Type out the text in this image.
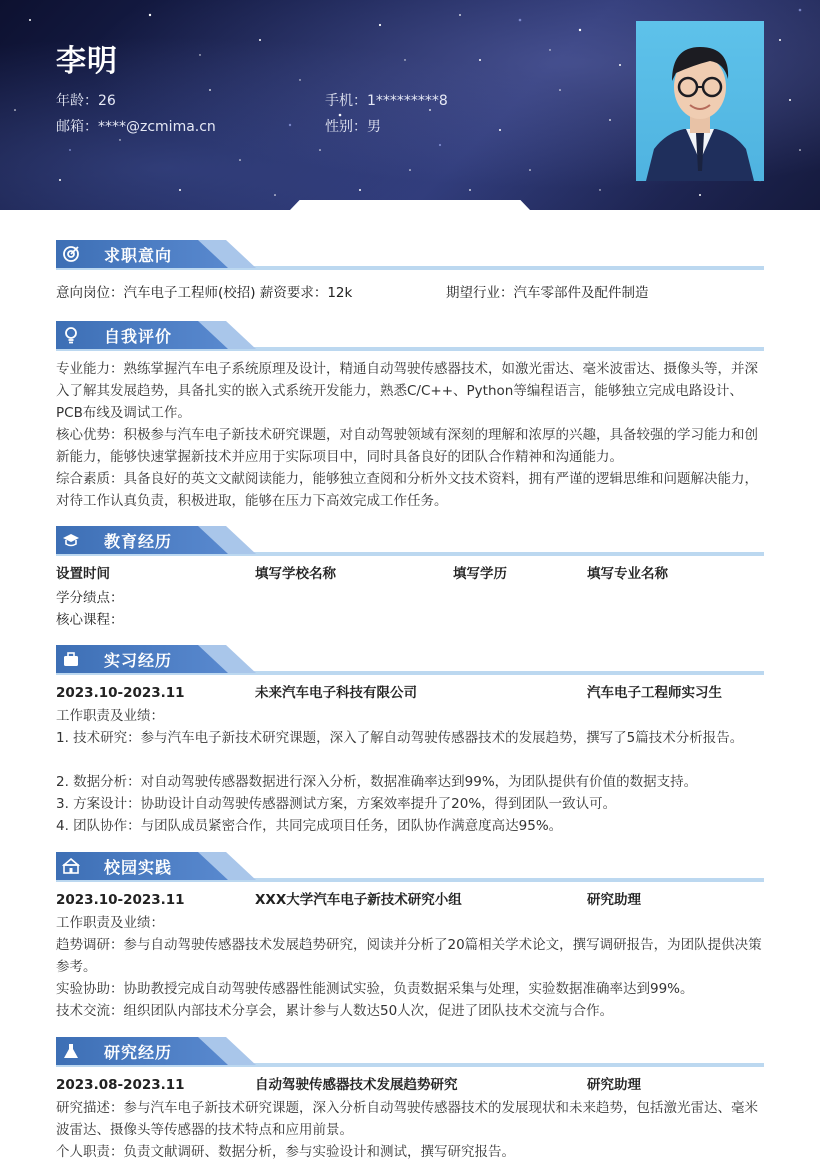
李明
年龄：26	手机：1*********8
邮箱：****@zcmima.cn	性别：男
求职意向
意向岗位：汽车电子工程师(校招) 薪资要求：12k	期望行业：汽车零部件及配件制造
自我评价
专业能力：熟练掌握汽车电子系统原理及设计，精通自动驾驶传感器技术，如激光雷达、毫米波雷达、摄像头等，并深入了解其发展趋势，具备扎实的嵌入式系统开发能力，熟悉C/C++、Python等编程语言，能够独立完成电路设计、PCB布线及调试工作。
核心优势：积极参与汽车电子新技术研究课题，对自动驾驶领域有深刻的理解和浓厚的兴趣，具备较强的学习能力和创新能力，能够快速掌握新技术并应用于实际项目中，同时具备良好的团队合作精神和沟通能力。
综合素质：具备良好的英文文献阅读能力，能够独立查阅和分析外文技术资料，拥有严谨的逻辑思维和问题解决能力，对待工作认真负责，积极进取，能够在压力下高效完成工作任务。
教育经历
设置时间	填写学校名称	填写学历	填写专业名称
学分绩点：
核心课程：
实习经历
2023.10-2023.11	未来汽车电子科技有限公司	汽车电子工程师实习生
工作职责及业绩：
1. 技术研究：参与汽车电子新技术研究课题，深入了解自动驾驶传感器技术的发展趋势，撰写了5篇技术分析报告。
2. 数据分析：对自动驾驶传感器数据进行深入分析，数据准确率达到99%，为团队提供有价值的数据支持。
3. 方案设计：协助设计自动驾驶传感器测试方案，方案效率提升了20%，得到团队一致认可。
4. 团队协作：与团队成员紧密合作，共同完成项目任务，团队协作满意度高达95%。
校园实践
2023.10-2023.11	XXX大学汽车电子新技术研究小组	研究助理
工作职责及业绩：
趋势调研：参与自动驾驶传感器技术发展趋势研究，阅读并分析了20篇相关学术论文，撰写调研报告，为团队提供决策参考。
实验协助：协助教授完成自动驾驶传感器性能测试实验，负责数据采集与处理，实验数据准确率达到99%。
技术交流：组织团队内部技术分享会，累计参与人数达50人次，促进了团队技术交流与合作。
研究经历
2023.08-2023.11	自动驾驶传感器技术发展趋势研究	研究助理
研究描述：参与汽车电子新技术研究课题，深入分析自动驾驶传感器技术的发展现状和未来趋势，包括激光雷达、毫米波雷达、摄像头等传感器的技术特点和应用前景。
个人职责：负责文献调研、数据分析，参与实验设计和测试，撰写研究报告。
